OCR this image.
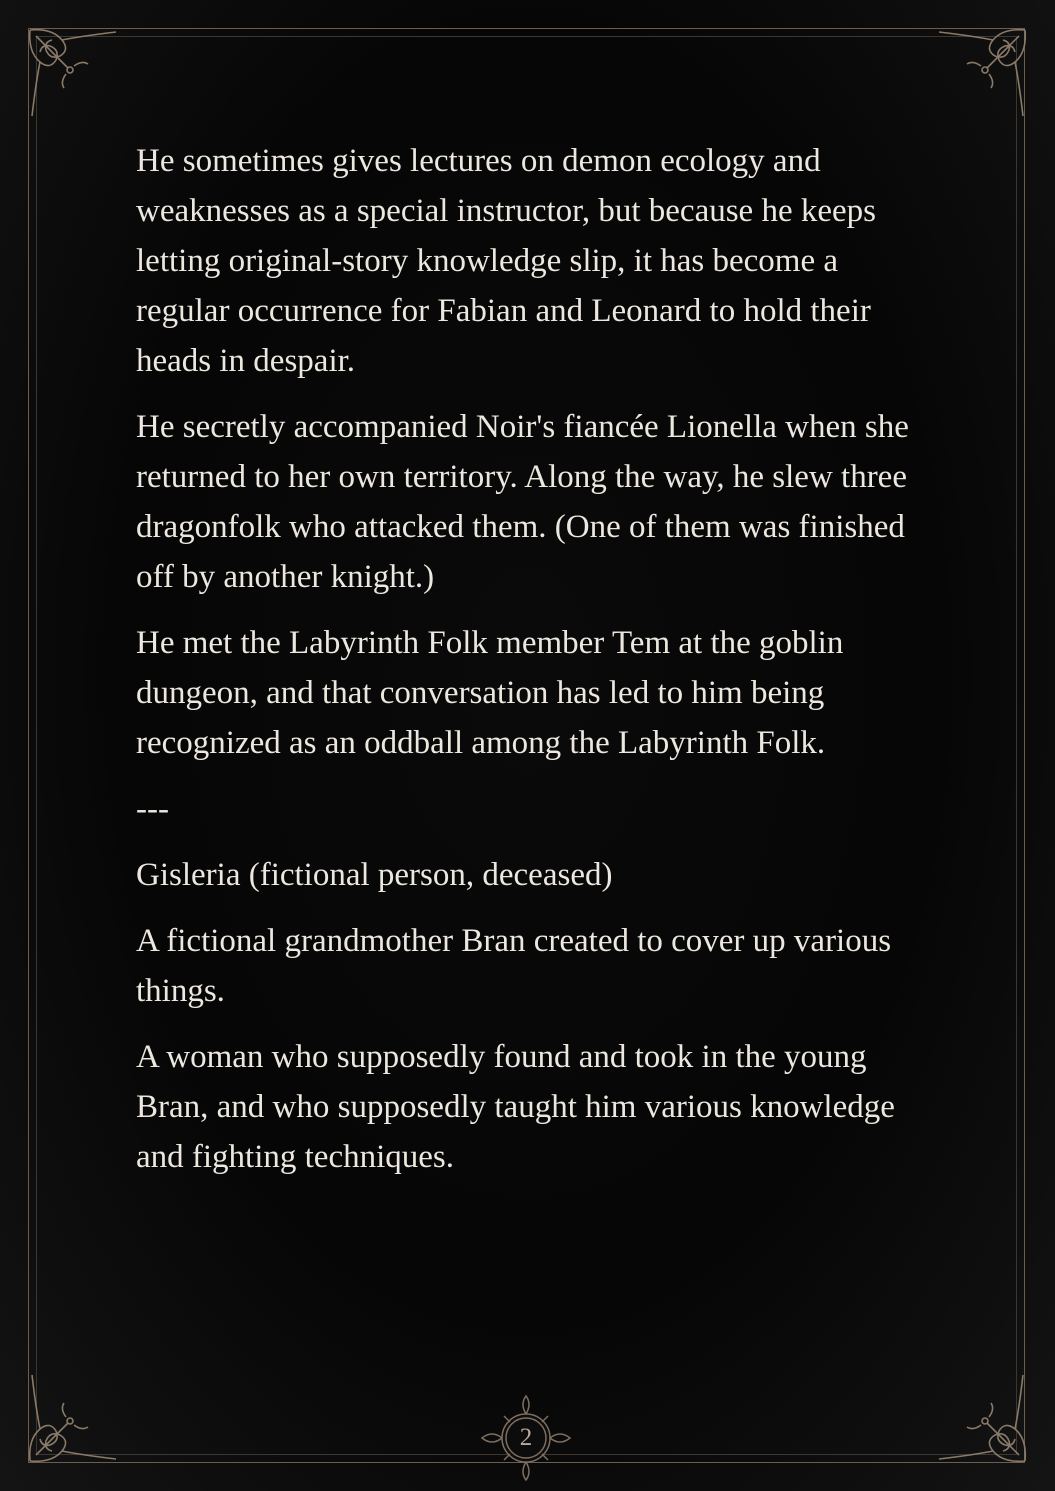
He sometimes gives lectures on demon ecology and weaknesses as a special instructor, but because he keeps letting original-story knowledge slip, it has become a regular occurrence for Fabian and Leonard to hold their heads in despair.

He secretly accompanied Noir's fiancée Lionella when she returned to her own territory. Along the way, he slew three dragonfolk who attacked them. (One of them was finished off by another knight.)

He met the Labyrinth Folk member Tem at the goblin dungeon, and that conversation has led to him being recognized as an oddball among the Labyrinth Folk.

---

Gisleria (fictional person, deceased)

A fictional grandmother Bran created to cover up various things.

A woman who supposedly found and took in the young Bran, and who supposedly taught him various knowledge and fighting techniques.

2
